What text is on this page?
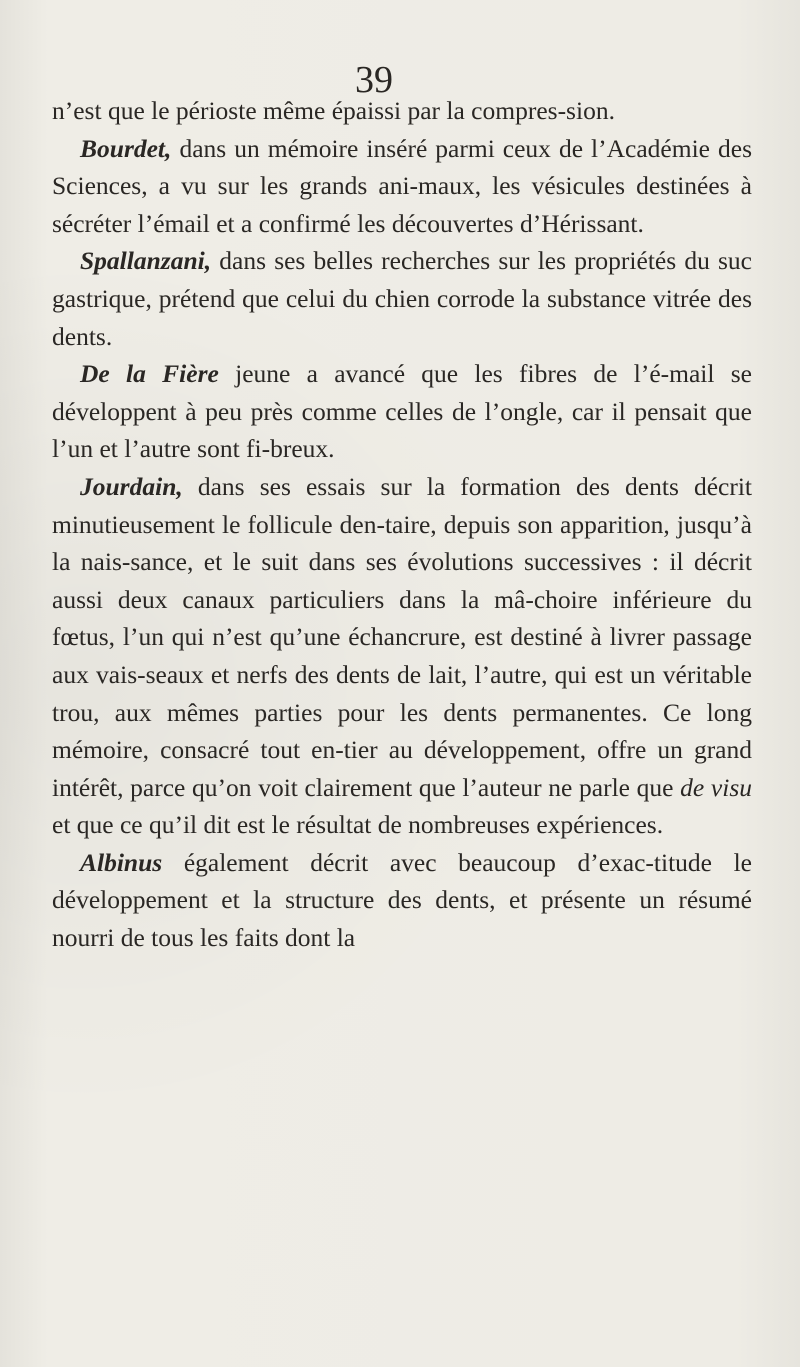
39

n’est que le périoste même épaissi par la compres-sion.

Bourdet, dans un mémoire inséré parmi ceux de l’Académie des Sciences, a vu sur les grands ani-maux, les vésicules destinées à sécréter l’émail et a confirmé les découvertes d’Hérissant.

Spallanzani, dans ses belles recherches sur les propriétés du suc gastrique, prétend que celui du chien corrode la substance vitrée des dents.

De la Fière jeune a avancé que les fibres de l’é-mail se développent à peu près comme celles de l’ongle, car il pensait que l’un et l’autre sont fi-breux.

Jourdain, dans ses essais sur la formation des dents décrit minutieusement le follicule den-taire, depuis son apparition, jusqu’à la nais-sance, et le suit dans ses évolutions successives : il décrit aussi deux canaux particuliers dans la mâ-choire inférieure du fœtus, l’un qui n’est qu’une échancrure, est destiné à livrer passage aux vais-seaux et nerfs des dents de lait, l’autre, qui est un véritable trou, aux mêmes parties pour les dents permanentes. Ce long mémoire, consacré tout en-tier au développement, offre un grand intérêt, parce qu’on voit clairement que l’auteur ne parle que de visu et que ce qu’il dit est le résultat de nombreuses expériences.

Albinus également décrit avec beaucoup d’exac-titude le développement et la structure des dents, et présente un résumé nourri de tous les faits dont la
